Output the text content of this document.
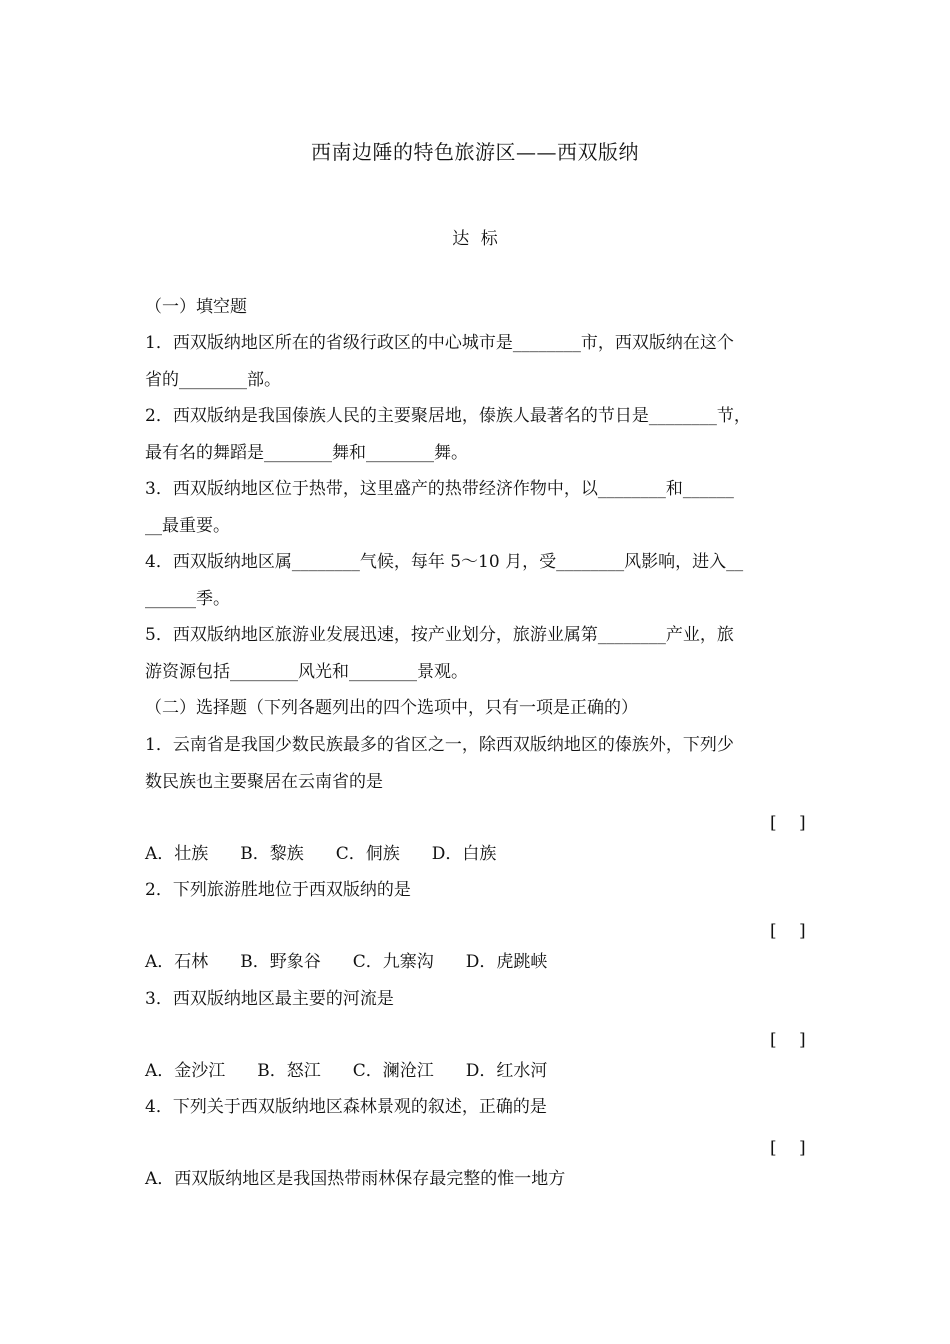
西南边陲的特色旅游区——西双版纳
达 标
（一）填空题
1．西双版纳地区所在的省级行政区的中心城市是________市，西双版纳在这个
省的________部。
2．西双版纳是我国傣族人民的主要聚居地，傣族人最著名的节日是________节，
最有名的舞蹈是________舞和________舞。
3．西双版纳地区位于热带，这里盛产的热带经济作物中，以________和______
__最重要。
4．西双版纳地区属________气候，每年 5～10 月，受________风影响，进入__
______季。
5．西双版纳地区旅游业发展迅速，按产业划分，旅游业属第________产业，旅
游资源包括________风光和________景观。
（二）选择题（下列各题列出的四个选项中，只有一项是正确的）
1．云南省是我国少数民族最多的省区之一，除西双版纳地区的傣族外，下列少
数民族也主要聚居在云南省的是
[　 ]
A．壮族 B．黎族 C．侗族 D．白族
2．下列旅游胜地位于西双版纳的是
[　 ]
A．石林 B．野象谷 C．九寨沟 D．虎跳峡
3．西双版纳地区最主要的河流是
[　 ]
A．金沙江 B．怒江 C．澜沧江 D．红水河
4．下列关于西双版纳地区森林景观的叙述，正确的是
[　 ]
A．西双版纳地区是我国热带雨林保存最完整的惟一地方
